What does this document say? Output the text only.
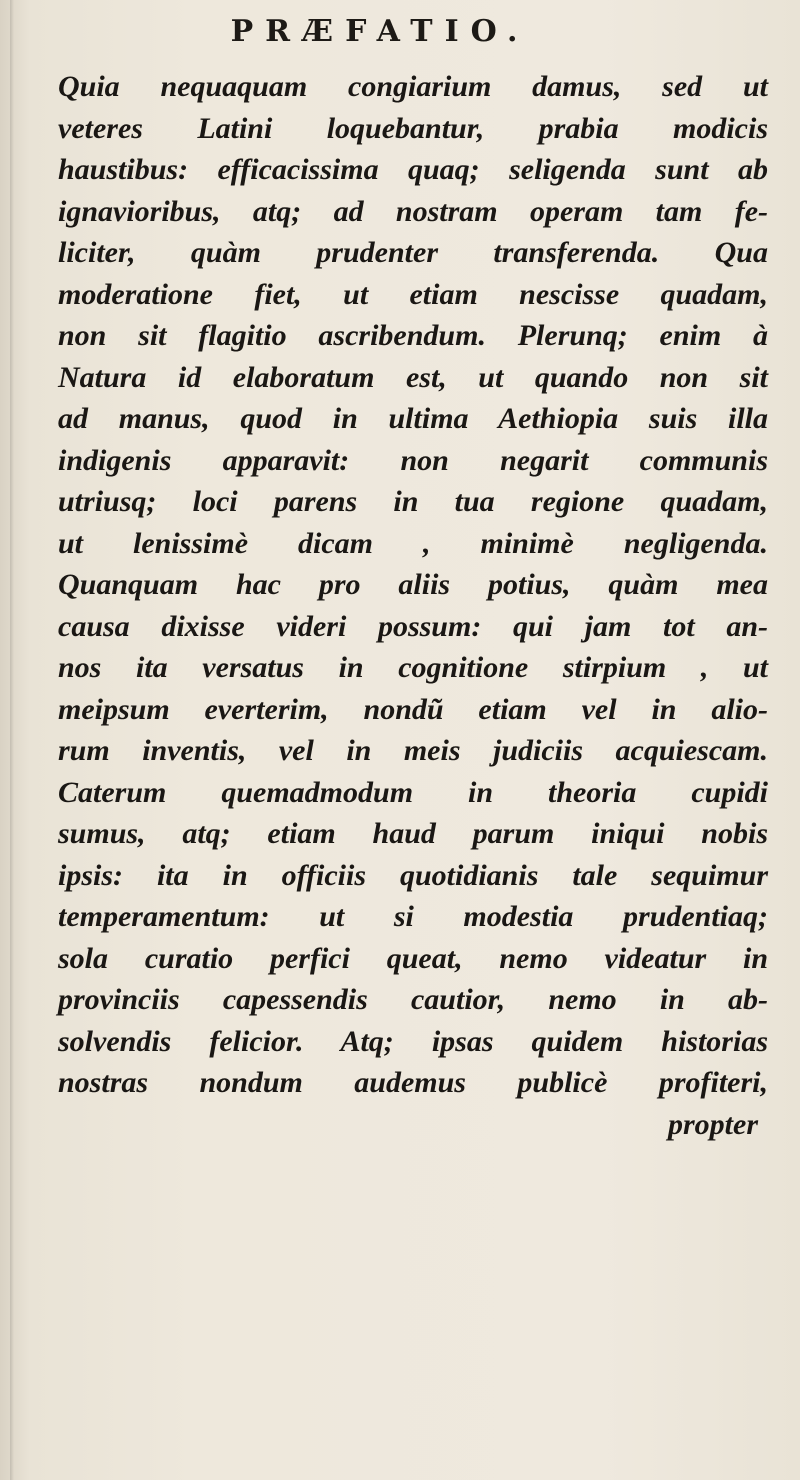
PRÆFATIO.
Quia nequaquam congiarium damus, sed ut
veteres Latini loquebantur, prabia modicis
haustibus: efficacissima quaq; seligenda sunt ab
ignavioribus, atq; ad nostram operam tam fe-
liciter, quàm prudenter transferenda. Qua
moderatione fiet, ut etiam nescisse quadam,
non sit flagitio ascribendum. Plerunq; enim à
Natura id elaboratum est, ut quando non sit
ad manus, quod in ultima Aethiopia suis illa
indigenis apparavit: non negarit communis
utriusq; loci parens in tua regione quadam,
ut lenissimè dicam , minimè negligenda.
Quanquam hac pro aliis potius, quàm mea
causa dixisse videri possum: qui jam tot an-
nos ita versatus in cognitione stirpium , ut
meipsum everterim, nondũ etiam vel in alio-
rum inventis, vel in meis judiciis acquiescam.
Caterum quemadmodum in theoria cupidi
sumus, atq; etiam haud parum iniqui nobis
ipsis: ita in officiis quotidianis tale sequimur
temperamentum: ut si modestia prudentiaq;
sola curatio perfici queat, nemo videatur in
provinciis capessendis cautior, nemo in ab-
solvendis felicior. Atq; ipsas quidem historias
nostras nondum audemus publicè profiteri,
propter
